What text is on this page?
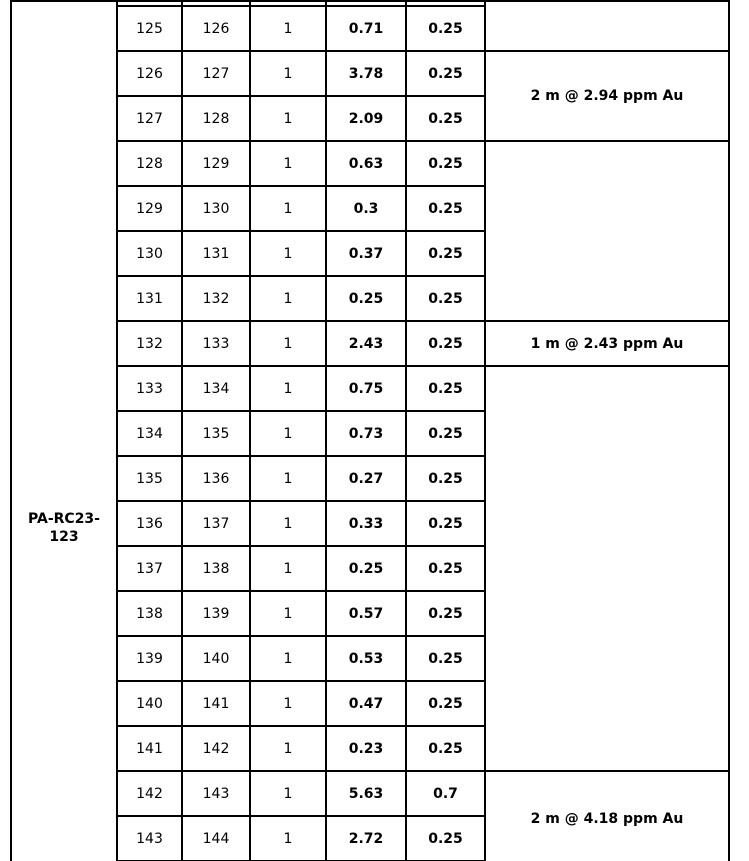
PA-RC23-123						

	125	126	1	0.71	0.25	
	126	127	1	3.78	0.25	2 m @ 2.94 ppm Au
	127	128	1	2.09	0.25	
	128	129	1	0.63	0.25	
	129	130	1	0.3	0.25	
	130	131	1	0.37	0.25	
	131	132	1	0.25	0.25	
	132	133	1	2.43	0.25	1 m @ 2.43 ppm Au
	133	134	1	0.75	0.25	
	134	135	1	0.73	0.25	
	135	136	1	0.27	0.25	
	136	137	1	0.33	0.25	
	137	138	1	0.25	0.25	
	138	139	1	0.57	0.25	
	139	140	1	0.53	0.25	
	140	141	1	0.47	0.25	
	141	142	1	0.23	0.25	
	142	143	1	5.63	0.7	2 m @ 4.18 ppm Au
	143	144	1	2.72	0.25	
